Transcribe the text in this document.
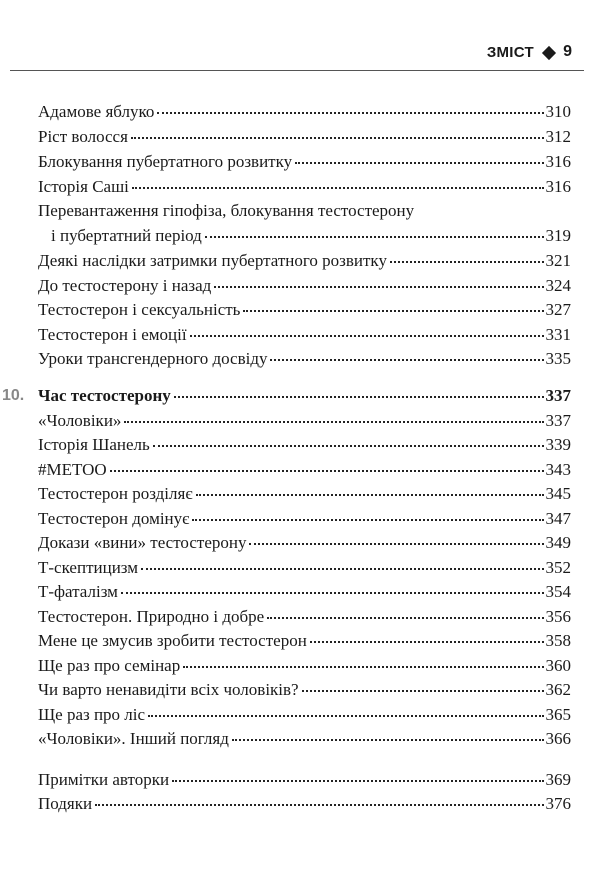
ЗМІСТ 9
Адамове яблуко	310
Ріст волосся	312
Блокування пубертатного розвитку	316
Історія Саші	316
Перевантаження гіпофіза, блокування тестостерону
і пубертатний період	319
Деякі наслідки затримки пубертатного розвитку	321
До тестостерону і назад	324
Тестостерон і сексуальність	327
Тестостерон і емоції	331
Уроки трансгендерного досвіду	335
10. Час тестостерону	337
«Чоловіки»	337
Історія Шанель	339
#МЕТОО	343
Тестостерон розділяє	345
Тестостерон домінує	347
Докази «вини» тестостерону	349
Т-скептицизм	352
Т-фаталізм	354
Тестостерон. Природно і добре	356
Мене це змусив зробити тестостерон	358
Ще раз про семінар	360
Чи варто ненавидіти всіх чоловіків?	362
Ще раз про ліс	365
«Чоловіки». Інший погляд	366
Примітки авторки	369
Подяки	376
